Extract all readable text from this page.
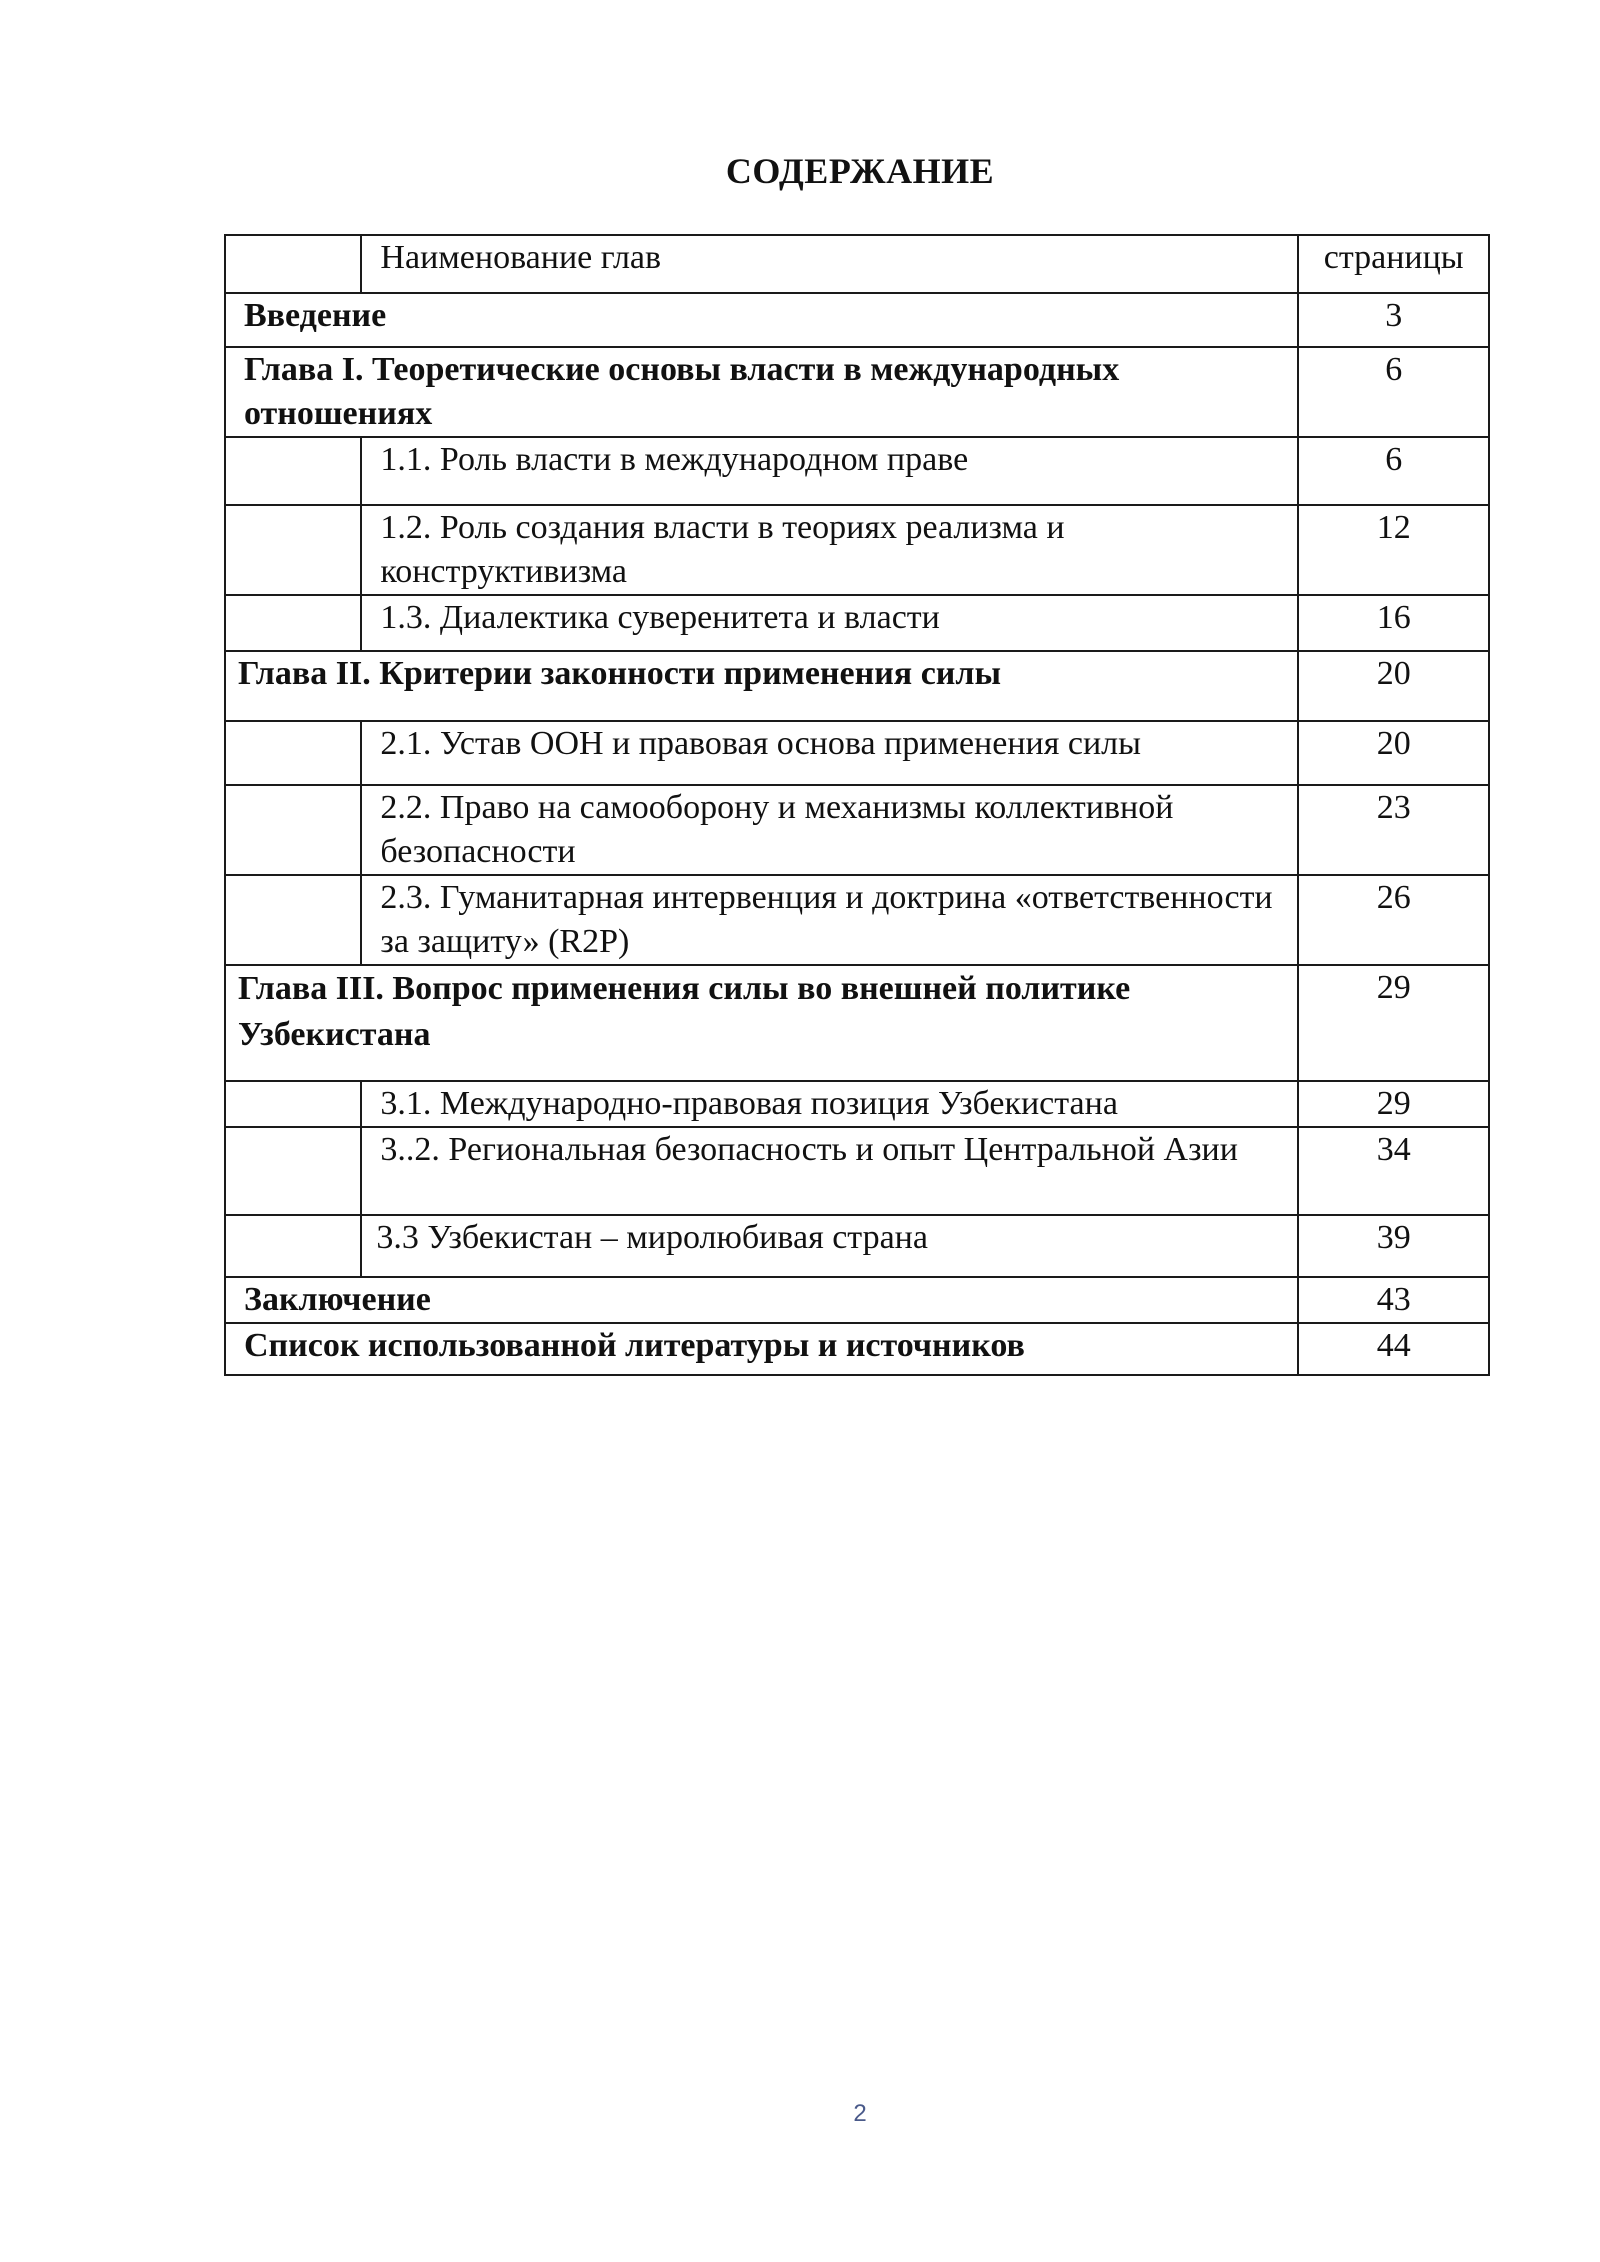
СОДЕРЖАНИЕ
	Наименование глав	страницы
Введение		3
Глава I. Теоретические основы власти в международных отношениях		6
	1.1. Роль власти в международном праве	6
	1.2. Роль создания власти в теориях реализма и конструктивизма	12
	1.3. Диалектика суверенитета и власти	16
Глава II. Критерии законности применения силы		20
	2.1. Устав ООН и правовая основа применения силы	20
	2.2. Право на самооборону и механизмы коллективной безопасности	23
	2.3. Гуманитарная интервенция и доктрина «ответственности за защиту» (R2P)	26
Глава III. Вопрос применения силы во внешней политике Узбекистана		29
	3.1. Международно-правовая позиция Узбекистана	29
	3..2. Региональная безопасность и опыт Центральной Азии	34
	3.3 Узбекистан – миролюбивая страна	39
Заключение		43
Список использованной литературы и источников		44
2
